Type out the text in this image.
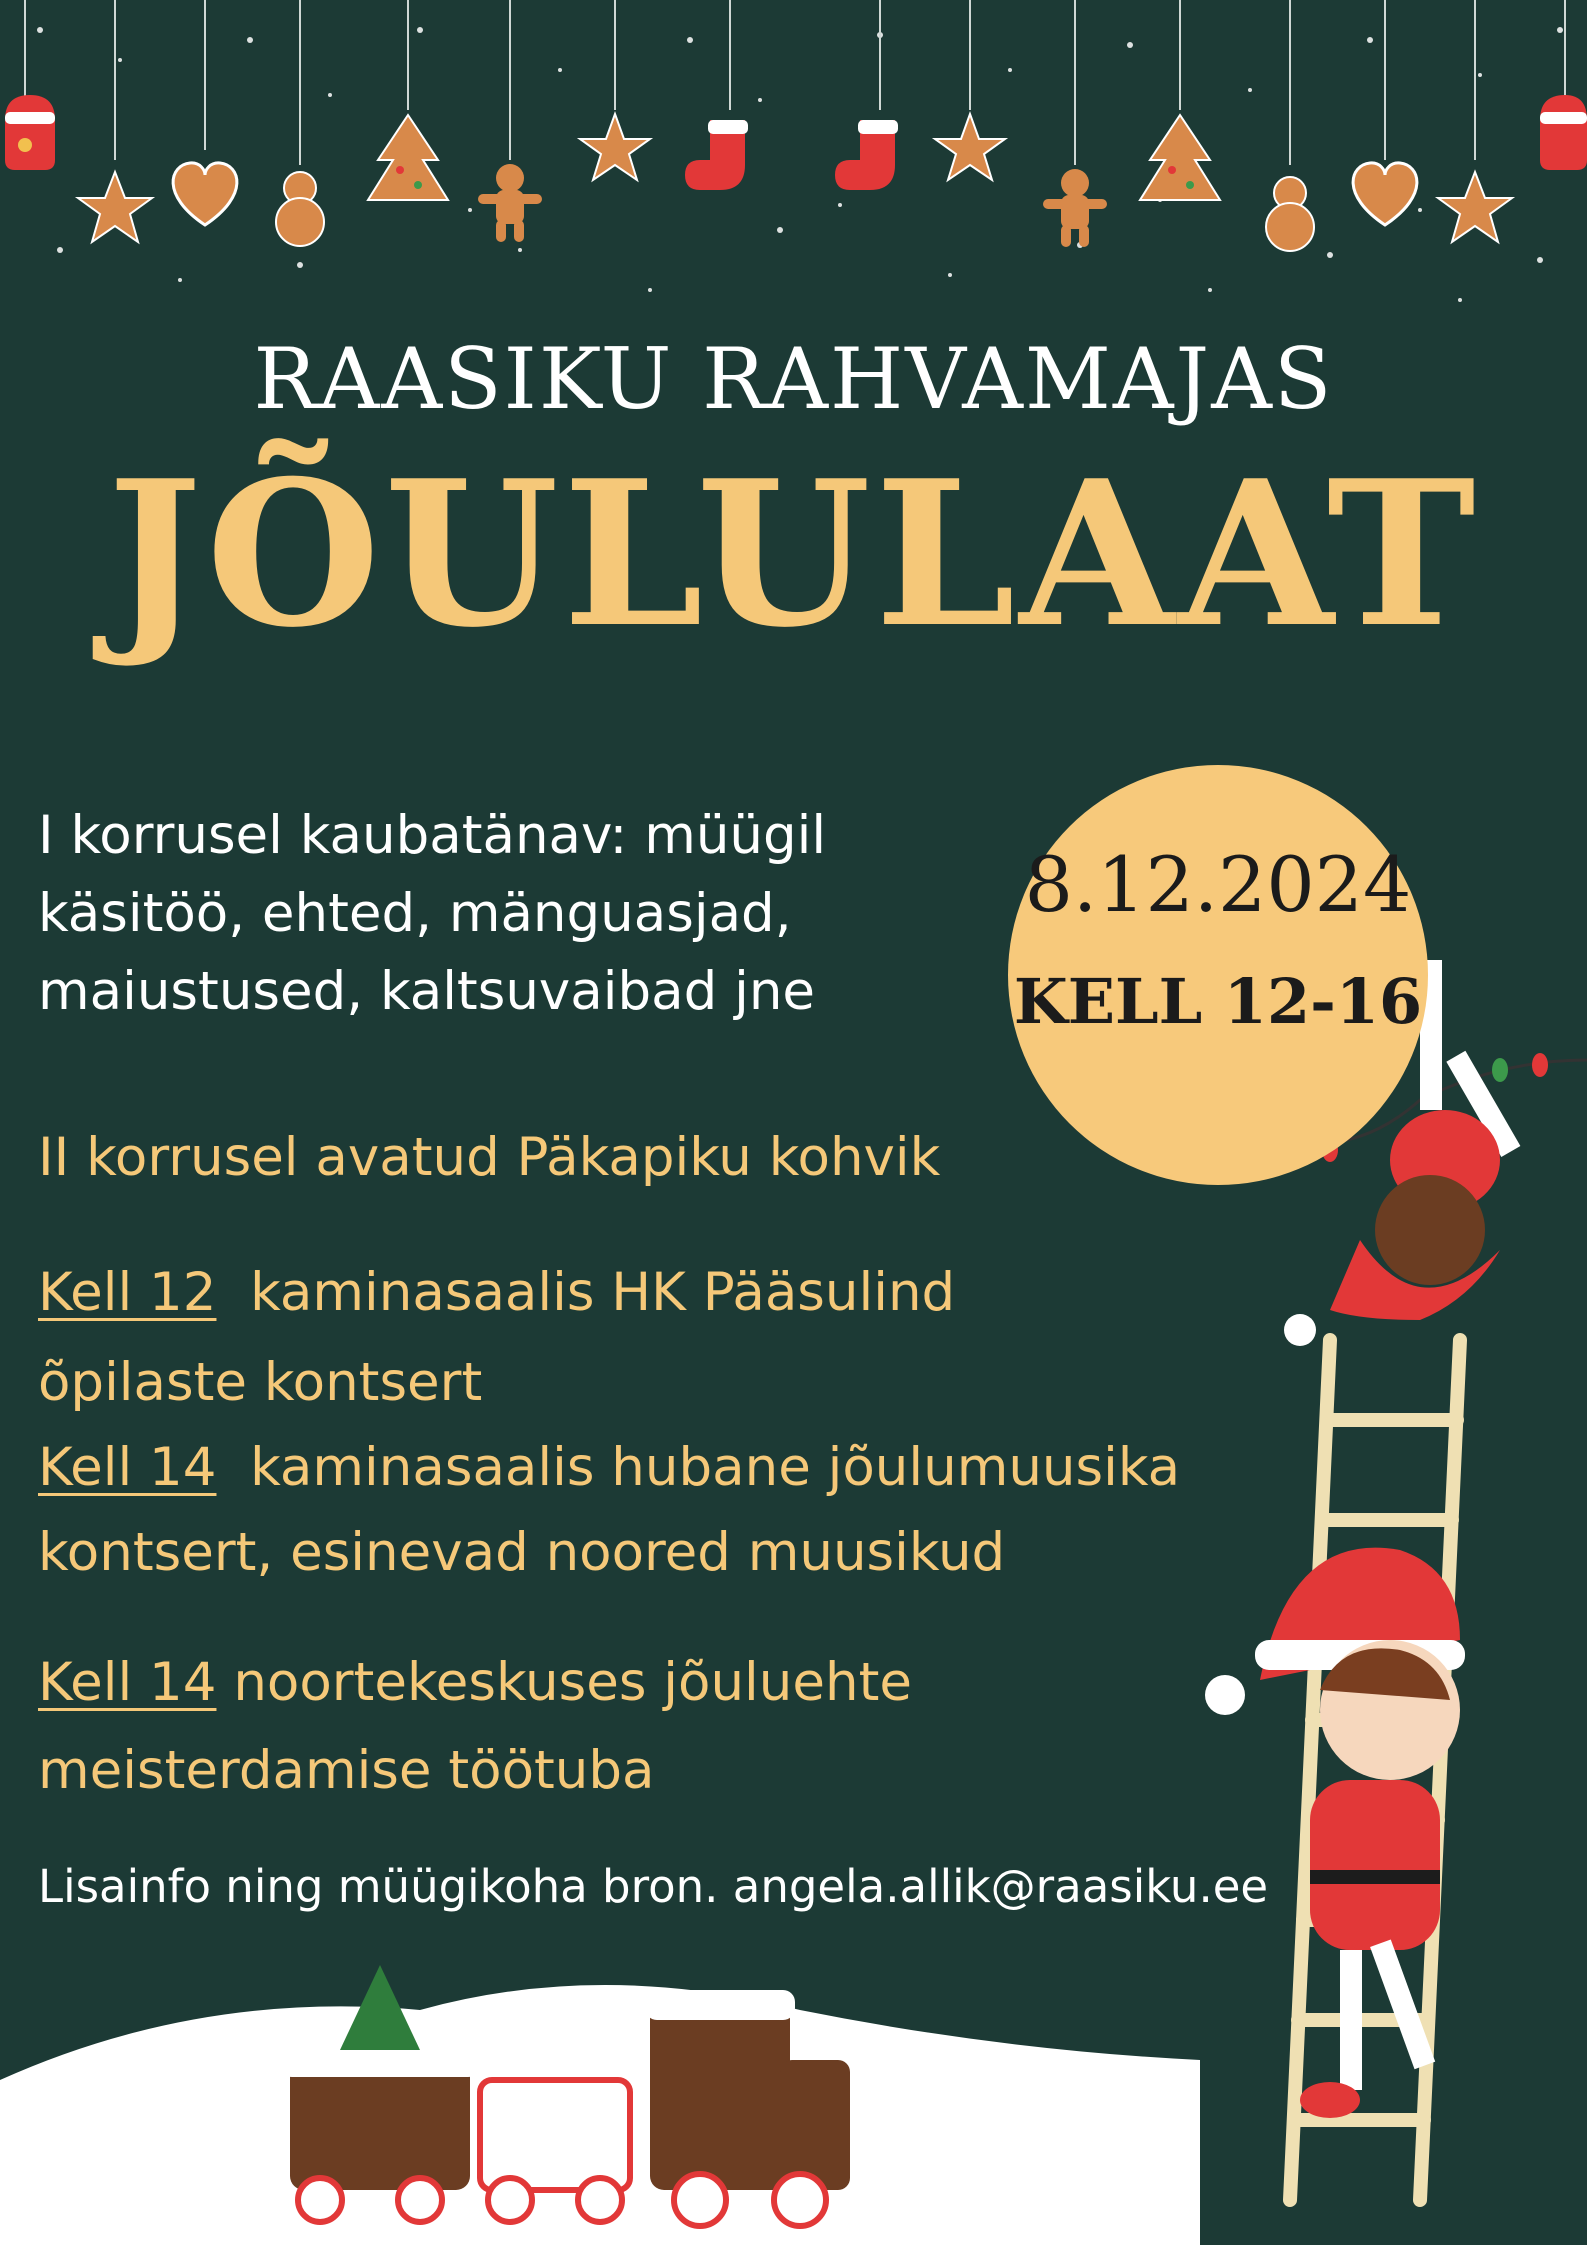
RAASIKU RAHVAMAJAS
JÕULULAAT

8.12.2024

KELL 12-16

I korrusel kaubatänav: müügil

käsitöö, ehted, mänguasjad,

maiustused, kaltsuvaibad jne

II korrusel avatud Päkapiku kohvik

Kell 12 kaminasaalis HK Pääsulind

õpilaste kontsert

Kell 14 kaminasaalis hubane jõulumuusika

kontsert, esinevad noored muusikud

Kell 14 noortekeskuses jõuluehte

meisterdamise töötuba

Lisainfo ning müügikoha bron. angela.allik@raasiku.ee
